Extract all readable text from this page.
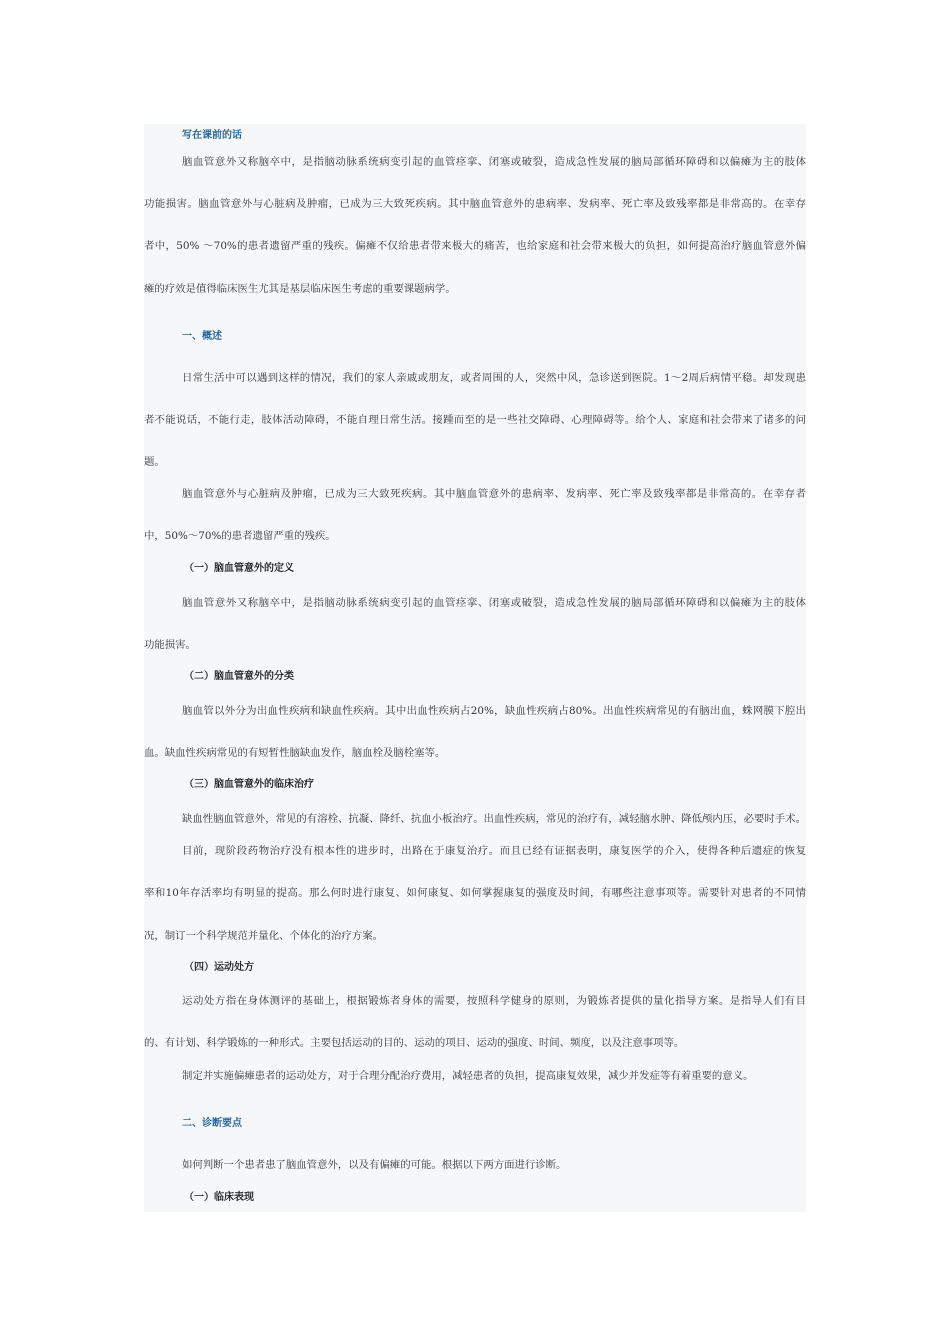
写在课前的话

脑血管意外又称脑卒中，是指脑动脉系统病变引起的血管痉挛、闭塞或破裂，造成急性发展的脑局部循环障碍和以偏瘫为主的肢体

功能损害。脑血管意外与心脏病及肿瘤，已成为三大致死疾病。其中脑血管意外的患病率、发病率、死亡率及致残率都是非常高的。在幸存

者中，50% ～70%的患者遗留严重的残疾。偏瘫不仅给患者带来极大的痛苦，也给家庭和社会带来极大的负担，如何提高治疗脑血管意外偏

瘫的疗效是值得临床医生尤其是基层临床医生考虑的重要课题病学。

一、概述

日常生活中可以遇到这样的情况，我们的家人亲戚或朋友，或者周围的人，突然中风，急诊送到医院。1～2周后病情平稳。却发现患

者不能说话，不能行走，肢体活动障碍，不能自理日常生活。接踵而至的是一些社交障碍、心理障碍等。给个人、家庭和社会带来了诸多的问

题。

脑血管意外与心脏病及肿瘤，已成为三大致死疾病。其中脑血管意外的患病率、发病率、死亡率及致残率都是非常高的。在幸存者

中，50%～70%的患者遗留严重的残疾。

（一）脑血管意外的定义

脑血管意外又称脑卒中，是指脑动脉系统病变引起的血管痉挛、闭塞或破裂，造成急性发展的脑局部循环障碍和以偏瘫为主的肢体

功能损害。

（二）脑血管意外的分类

脑血管以外分为出血性疾病和缺血性疾病。其中出血性疾病占20%，缺血性疾病占80%。出血性疾病常见的有脑出血，蛛网膜下腔出

血。缺血性疾病常见的有短暂性脑缺血发作，脑血栓及脑栓塞等。

（三）脑血管意外的临床治疗

缺血性脑血管意外，常见的有溶栓、抗凝、降纤、抗血小板治疗。出血性疾病，常见的治疗有，减轻脑水肿、降低颅内压，必要时手术。

目前，现阶段药物治疗没有根本性的进步时，出路在于康复治疗。而且已经有证据表明，康复医学的介入，使得各种后遗症的恢复

率和10年存活率均有明显的提高。那么何时进行康复、如何康复、如何掌握康复的强度及时间，有哪些注意事项等。需要针对患者的不同情

况，制订一个科学规范并量化、个体化的治疗方案。

（四）运动处方

运动处方指在身体测评的基础上，根据锻炼者身体的需要，按照科学健身的原则，为锻炼者提供的量化指导方案。是指导人们有目

的、有计划、科学锻炼的一种形式。主要包括运动的目的、运动的项目、运动的强度、时间、频度，以及注意事项等。

制定并实施偏瘫患者的运动处方，对于合理分配治疗费用，减轻患者的负担，提高康复效果，减少并发症等有着重要的意义。

二、诊断要点

如何判断一个患者患了脑血管意外，以及有偏瘫的可能。根据以下两方面进行诊断。

（一）临床表现
